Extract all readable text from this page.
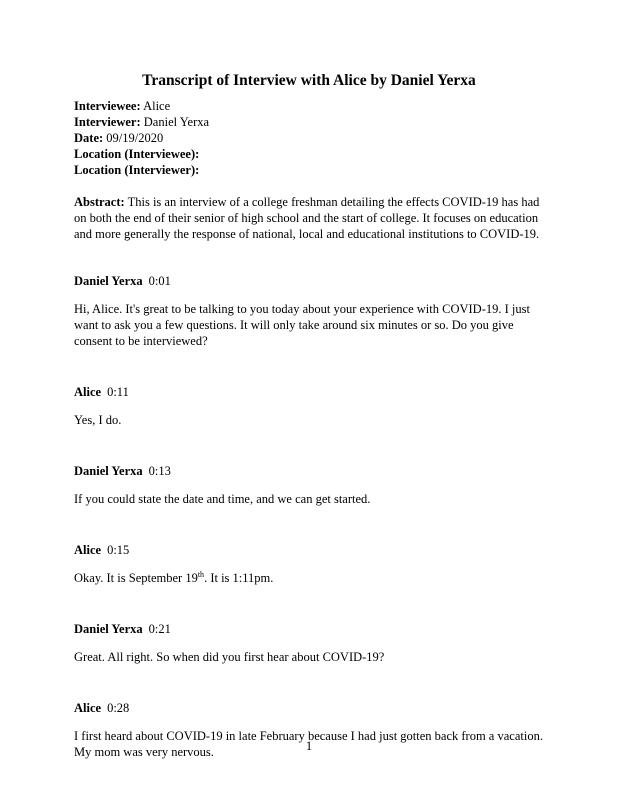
Transcript of Interview with Alice by Daniel Yerxa
Interviewee: Alice
Interviewer: Daniel Yerxa
Date: 09/19/2020
Location (Interviewee):
Location (Interviewer):
Abstract: This is an interview of a college freshman detailing the effects COVID-19 has had on both the end of their senior of high school and the start of college. It focuses on education and more generally the response of national, local and educational institutions to COVID-19.
Daniel Yerxa 0:01
Hi, Alice. It's great to be talking to you today about your experience with COVID-19. I just want to ask you a few questions. It will only take around six minutes or so. Do you give consent to be interviewed?
Alice 0:11
Yes, I do.
Daniel Yerxa 0:13
If you could state the date and time, and we can get started.
Alice 0:15
Okay. It is September 19th. It is 1:11pm.
Daniel Yerxa 0:21
Great. All right. So when did you first hear about COVID-19?
Alice 0:28
I first heard about COVID-19 in late February because I had just gotten back from a vacation. My mom was very nervous.	1
